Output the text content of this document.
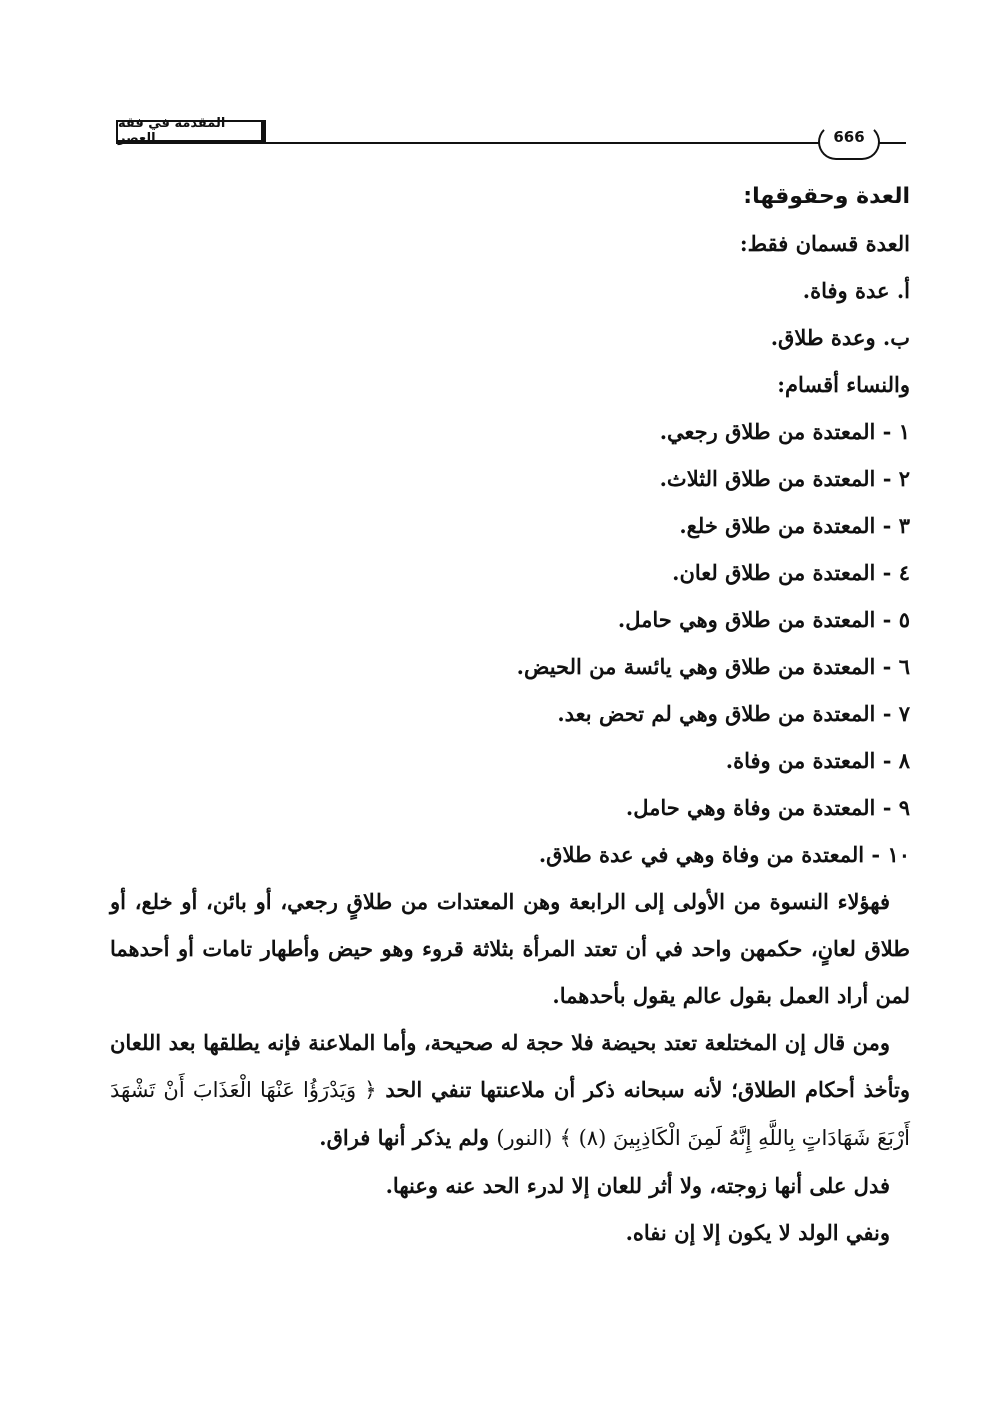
المقدمة في فقه العصر	666
العدة وحقوقها:

العدة قسمان فقط:

أ. عدة وفاة.

ب. وعدة طلاق.

والنساء أقسام:

١ - المعتدة من طلاق رجعي.

٢ - المعتدة من طلاق الثلاث.

٣ - المعتدة من طلاق خلع.

٤ - المعتدة من طلاق لعان.

٥ - المعتدة من طلاق وهي حامل.

٦ - المعتدة من طلاق وهي يائسة من الحيض.

٧ - المعتدة من طلاق وهي لم تحض بعد.

٨ - المعتدة من وفاة.

٩ - المعتدة من وفاة وهي حامل.

١٠ - المعتدة من وفاة وهي في عدة طلاق.

فهؤلاء النسوة من الأولى إلى الرابعة وهن المعتدات من طلاقٍ رجعي، أو بائن، أو خلع، أو طلاق لعانٍ، حكمهن واحد في أن تعتد المرأة بثلاثة قروء وهو حيض وأطهار تامات أو أحدهما لمن أراد العمل بقول عالم يقول بأحدهما.

ومن قال إن المختلعة تعتد بحيضة فلا حجة له صحيحة، وأما الملاعنة فإنه يطلقها بعد اللعان وتأخذ أحكام الطلاق؛ لأنه سبحانه ذكر أن ملاعنتها تنفي الحد ﴿ وَيَدْرَؤُا عَنْهَا الْعَذَابَ أَنْ تَشْهَدَ أَرْبَعَ شَهَادَاتٍ بِاللَّهِ إِنَّهُ لَمِنَ الْكَاذِبِينَ (٨) ﴾ (النور) ولم يذكر أنها فراق.

فدل على أنها زوجته، ولا أثر للعان إلا لدرء الحد عنه وعنها.

ونفي الولد لا يكون إلا إن نفاه.
